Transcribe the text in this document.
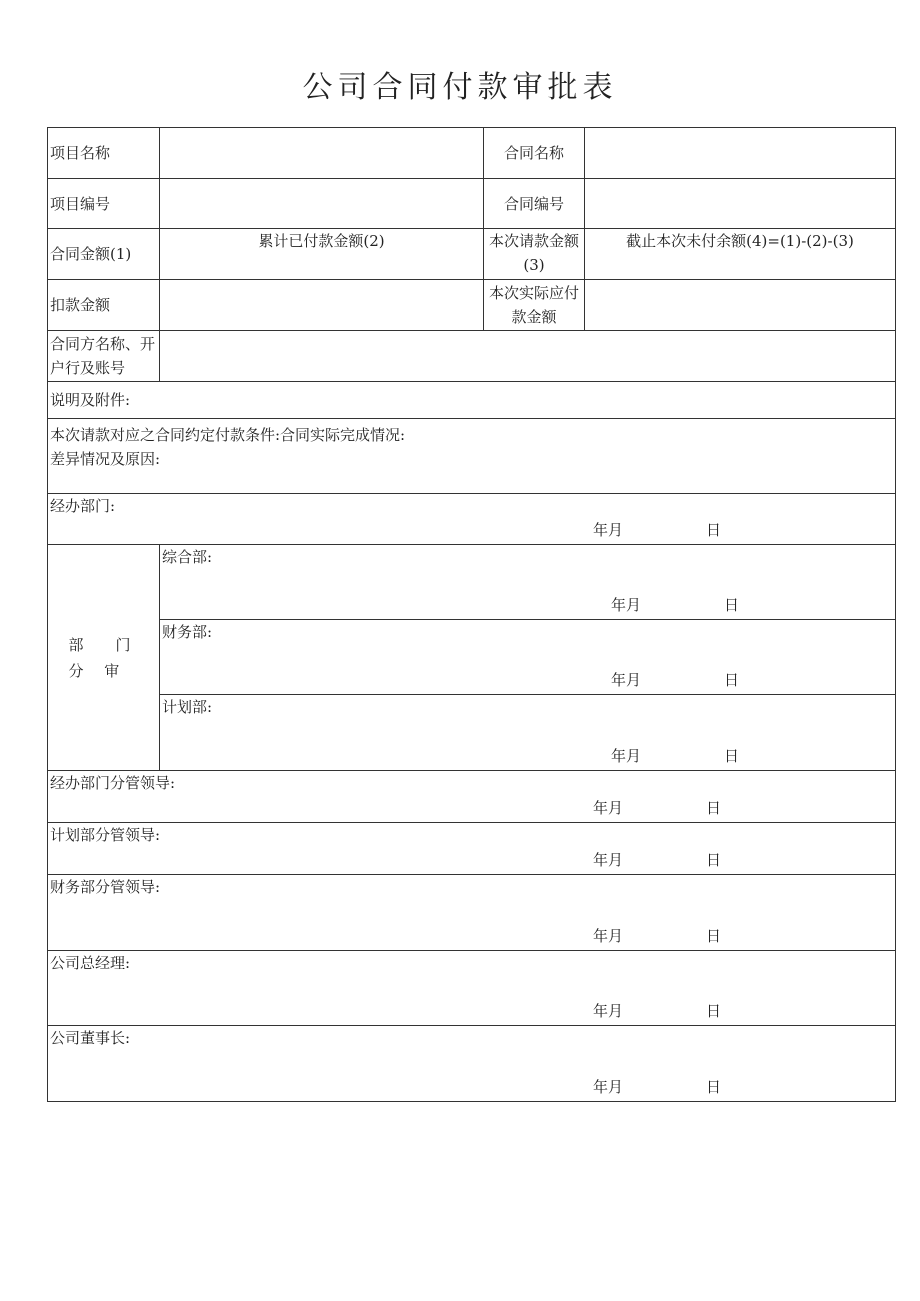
公司合同付款审批表
项目名称		合同名称	
项目编号		合同编号	
合同金额(1)	累计已付款金额(2)	本次请款金额(3)	截止本次未付余额(4)=(1)-(2)-(3)
扣款金额		本次实际应付款金额	
合同方名称、开户行及账号			
说明及附件:			

本次请款对应之合同约定付款条件:合同实际完成情况:
差异情况及原因:			

经办部门:
年月 日			

部 门 分 审	综合部:
年月 日		

	财务部:
年月 日		

	计划部:
年月 日		

经办部门分管领导:
年月 日			

计划部分管领导:
年月 日			

财务部分管领导:
年月 日			

公司总经理:
年月 日			

公司董事长:
年月 日			
